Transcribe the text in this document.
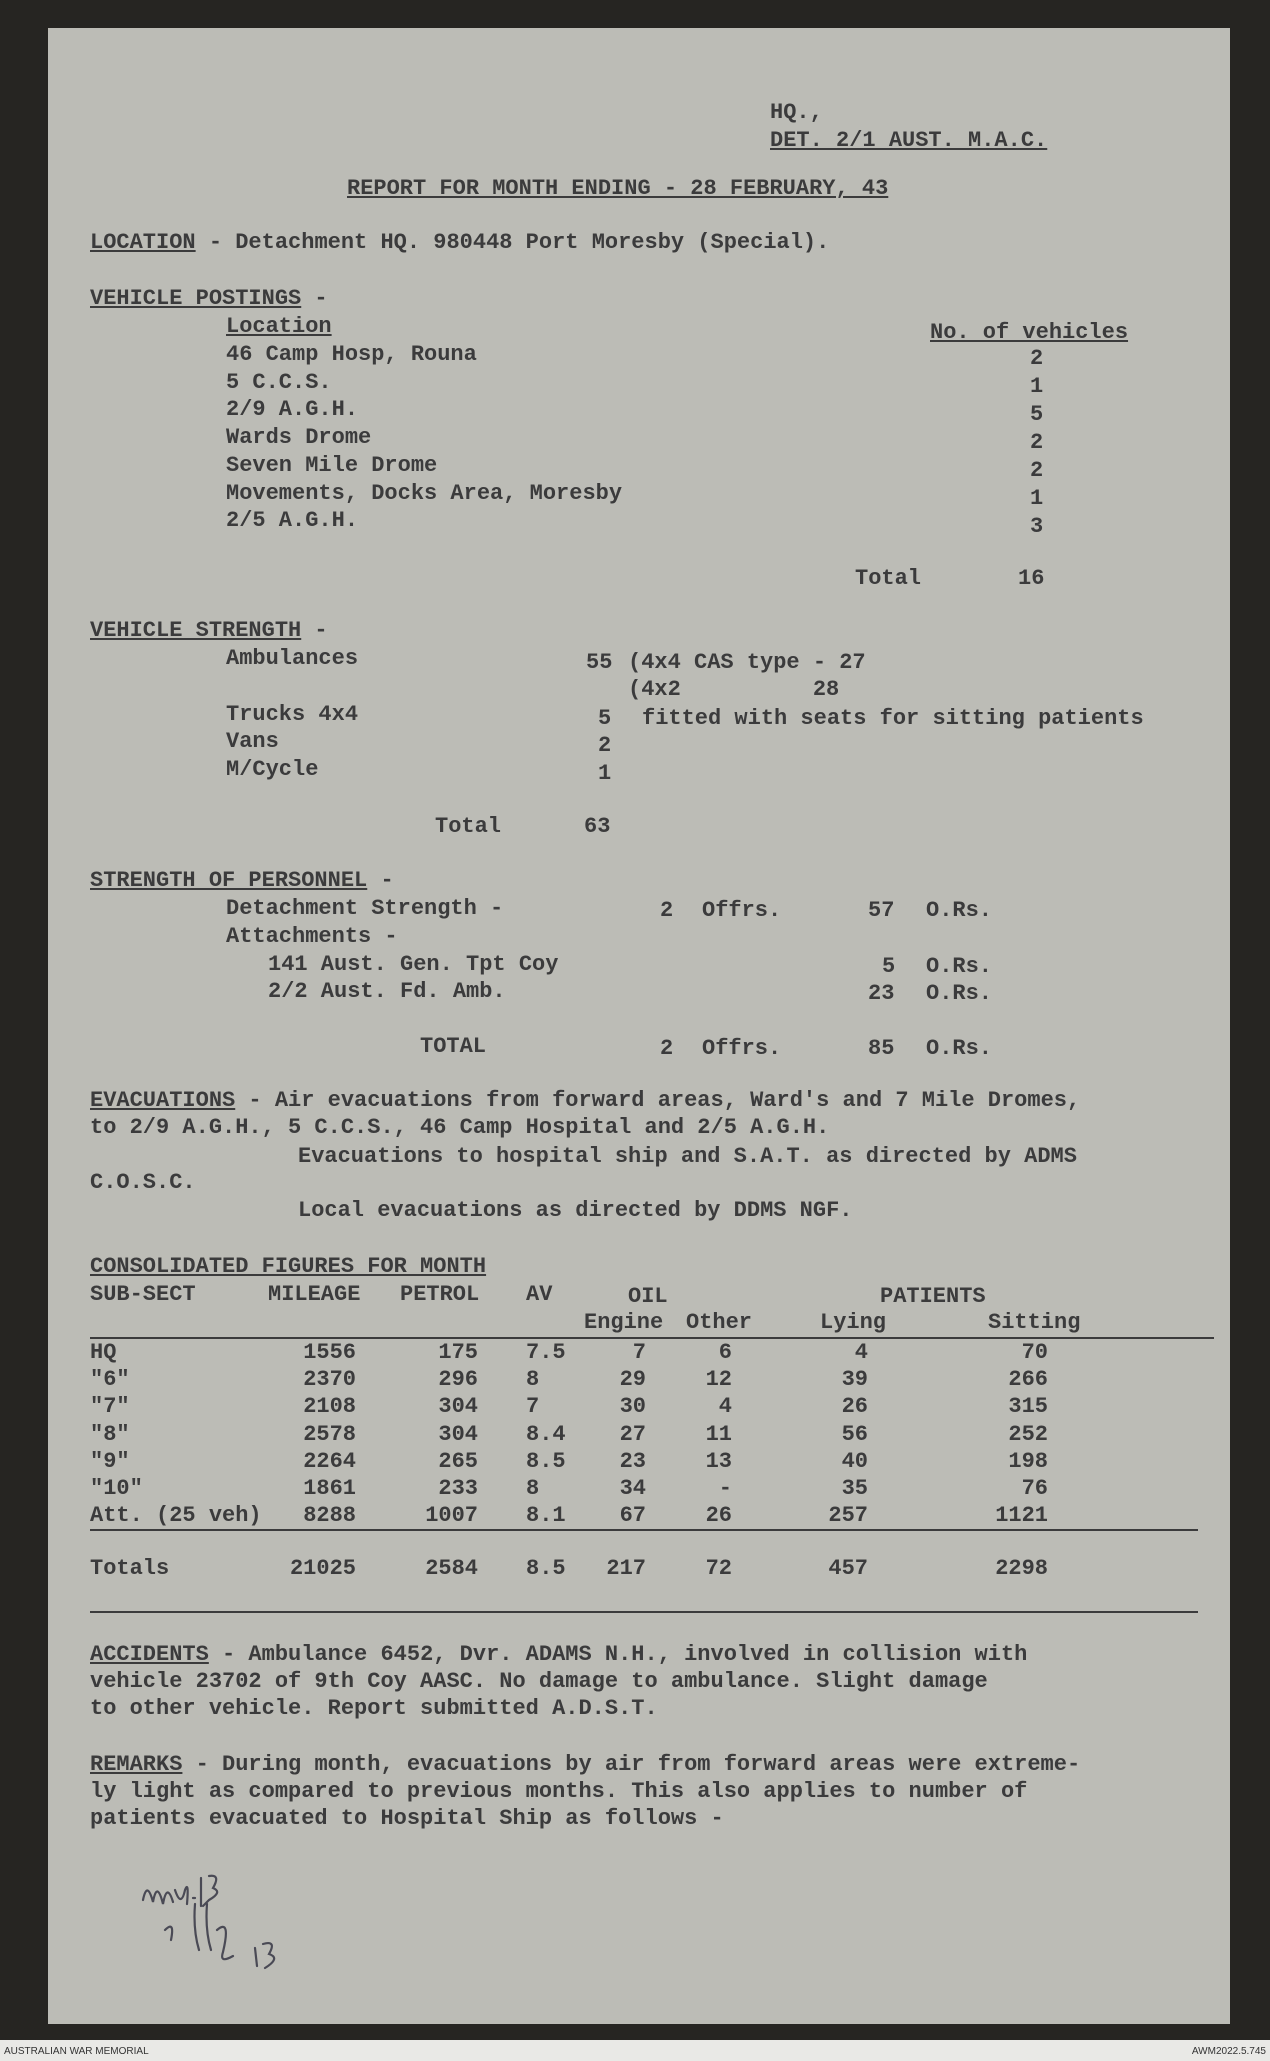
HQ.,
DET. 2/1 AUST. M.A.C.
REPORT FOR MONTH ENDING - 28 FEBRUARY, 43
LOCATION - Detachment HQ. 980448 Port Moresby (Special).
VEHICLE POSTINGS -
Location	No. of vehicles
46 Camp Hosp, Rouna	2
5 C.C.S.	1
2/9 A.G.H.	5
Wards Drome	2
Seven Mile Drome	2
Movements, Docks Area, Moresby	1
2/5 A.G.H.	3
Total	16
VEHICLE STRENGTH -
Ambulances	55 (4x4 CAS type - 27
(4x2          28
Trucks 4x4	5 fitted with seats for sitting patients
Vans	2
M/Cycle	1
Total	63
STRENGTH OF PERSONNEL -
Detachment Strength -	2 Offrs.	57 O.Rs.
Attachments -
141 Aust. Gen. Tpt Coy	5 O.Rs.
2/2 Aust. Fd. Amb.	23 O.Rs.
TOTAL	2 Offrs.	85 O.Rs.
EVACUATIONS - Air evacuations from forward areas, Ward's and 7 Mile Dromes,
to 2/9 A.G.H., 5 C.C.S., 46 Camp Hospital and 2/5 A.G.H.
Evacuations to hospital ship and S.A.T. as directed by ADMS
C.O.S.C.
Local evacuations as directed by DDMS NGF.
CONSOLIDATED FIGURES FOR MONTH
SUB-SECT	MILEAGE PETROL AV	OIL	PATIENTS
Engine Other	Lying	Sitting
HQ	1556	175 7.5	7	6	4	70
"6"	2370	296 8	29	12	39	266
"7"	2108	304 7	30	4	26	315
"8"	2578	304 8.4	27	11	56	252
"9"	2264	265 8.5	23	13	40	198
"10"	1861	233 8	34	-	35	76
Att. (25 veh)	8288	1007 8.1	67	26	257	1121
Totals	21025	2584 8.5	217	72	457	2298
ACCIDENTS - Ambulance 6452, Dvr. ADAMS N.H., involved in collision with
vehicle 23702 of 9th Coy AASC. No damage to ambulance. Slight damage
to other vehicle. Report submitted A.D.S.T.
REMARKS - During month, evacuations by air from forward areas were extreme-
ly light as compared to previous months. This also applies to number of
patients evacuated to Hospital Ship as follows -
AUSTRALIAN WAR MEMORIAL	AWM2022.5.745
